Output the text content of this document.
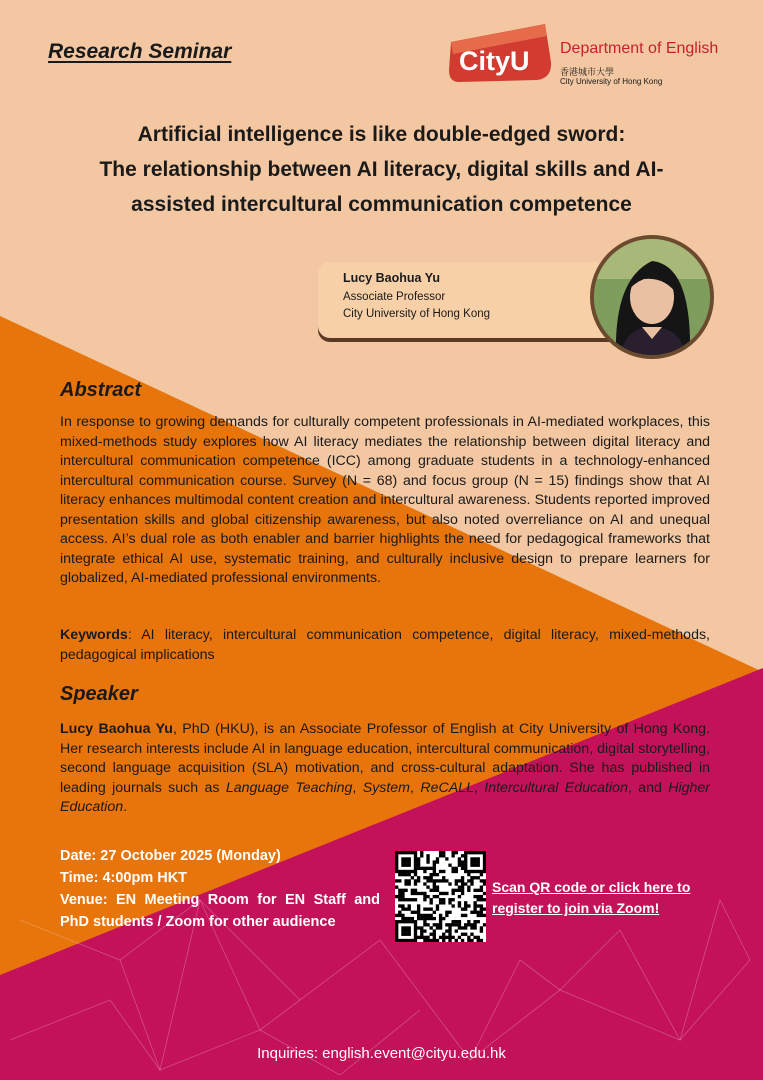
Research Seminar	CityU Department of English
香港城市大學
City University of Hong Kong
Artificial intelligence is like double-edged sword:
The relationship between AI literacy, digital skills and AI-
assisted intercultural communication competence
Lucy Baohua Yu
Associate Professor
City University of Hong Kong
Abstract
In response to growing demands for culturally competent professionals in AI-mediated workplaces, this mixed-methods study explores how AI literacy mediates the relationship between digital literacy and intercultural communication competence (ICC) among graduate students in a technology-enhanced intercultural communication course. Survey (N = 68) and focus group (N = 15) findings show that AI literacy enhances multimodal content creation and intercultural awareness. Students reported improved presentation skills and global citizenship awareness, but also noted overreliance on AI and unequal access. AI’s dual role as both enabler and barrier highlights the need for pedagogical frameworks that integrate ethical AI use, systematic training, and culturally inclusive design to prepare learners for globalized, AI-mediated professional environments.
Keywords: AI literacy, intercultural communication competence, digital literacy, mixed-methods, pedagogical implications
Speaker
Lucy Baohua Yu, PhD (HKU), is an Associate Professor of English at City University of Hong Kong. Her research interests include AI in language education, intercultural communication, digital storytelling, second language acquisition (SLA) motivation, and cross-cultural adaptation. She has published in leading journals such as Language Teaching, System, ReCALL, Intercultural Education, and Higher Education.
Date: 27 October 2025 (Monday)
Time: 4:00pm HKT
Venue: EN Meeting Room for EN Staff and PhD students / Zoom for other audience
Scan QR code or click here to
register to join via Zoom!
Inquiries: english.event@cityu.edu.hk
